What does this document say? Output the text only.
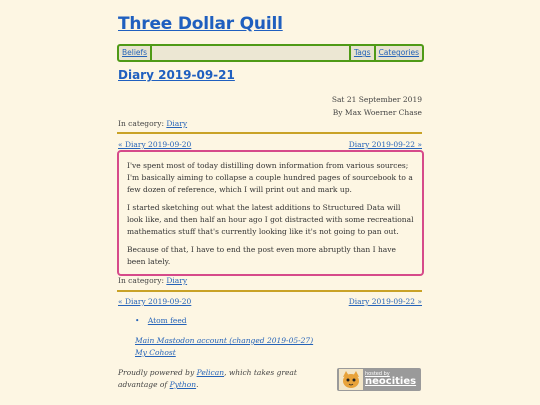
Three Dollar Quill
Beliefs	Tags	Categories
Diary 2019-09-21
Sat 21 September 2019
By Max Woerner Chase
In category: Diary
« Diary 2019-09-20	Diary 2019-09-22 »

I've spent most of today distilling down information from various sources; I'm basically aiming to collapse a couple hundred pages of sourcebook to a few dozen of reference, which I will print out and mark up.

I started sketching out what the latest additions to Structured Data will look like, and then half an hour ago I got distracted with some recreational mathematics stuff that's currently looking like it's not going to pan out.

Because of that, I have to end the post even more abruptly than I have been lately.

In category: Diary
« Diary 2019-09-20	Diary 2019-09-22 »
• Atom feed
Main Mastodon account (changed 2019-05-27)
My Cohost
Proudly powered by Pelican, which takes great advantage of Python.
hosted by
neocities
